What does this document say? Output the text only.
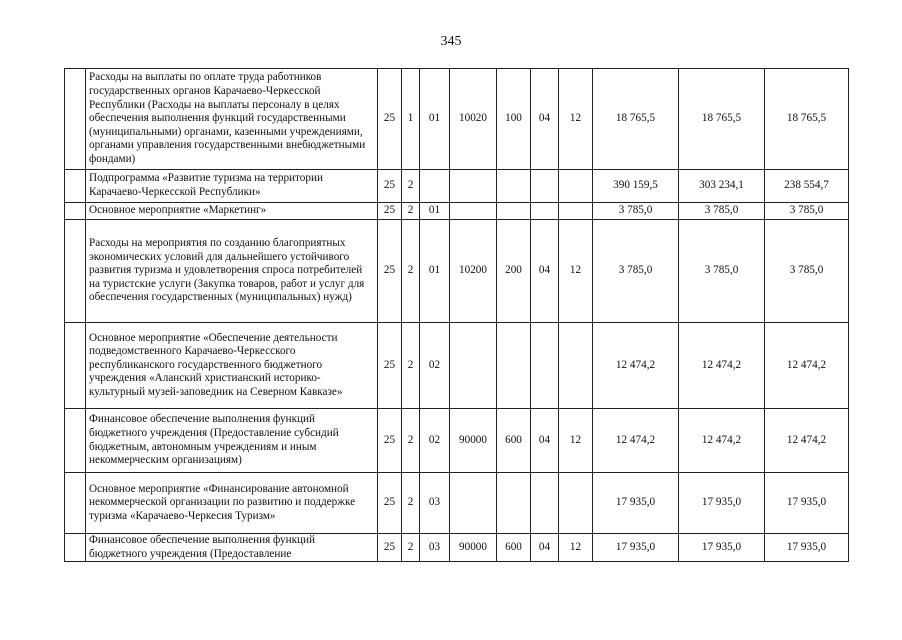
345
	Расходы на выплаты по оплате труда работников государственных органов Карачаево-Черкесской Республики (Расходы на выплаты персоналу в целях обеспечения выполнения функций государственными (муниципальными) органами, казенными учреждениями, органами управления государственными внебюджетными фондами)	25	1	01	10020	100	04	12	18 765,5	18 765,5	18 765,5
	Подпрограмма «Развитие туризма на территории Карачаево-Черкесской Республики»	25	2						390 159,5	303 234,1	238 554,7
	Основное мероприятие «Маркетинг»	25	2	01					3 785,0	3 785,0	3 785,0
	Расходы на мероприятия по созданию благоприятных экономических условий для дальнейшего устойчивого развития туризма и удовлетворения спроса потребителей на туристские услуги (Закупка товаров, работ и услуг для обеспечения государственных (муниципальных) нужд)	25	2	01	10200	200	04	12	3 785,0	3 785,0	3 785,0
	Основное мероприятие «Обеспечение деятельности подведомственного Карачаево-Черкесского республиканского государственного бюджетного учреждения «Аланский христианский историко-культурный музей-заповедник на Северном Кавказе»	25	2	02					12 474,2	12 474,2	12 474,2
	Финансовое обеспечение выполнения функций бюджетного учреждения (Предоставление субсидий бюджетным, автономным учреждениям и иным некоммерческим организациям)	25	2	02	90000	600	04	12	12 474,2	12 474,2	12 474,2
	Основное мероприятие «Финансирование автономной некоммерческой организации по развитию и поддержке туризма «Карачаево-Черкесия Туризм»	25	2	03					17 935,0	17 935,0	17 935,0
	Финансовое обеспечение выполнения функций бюджетного учреждения (Предоставление	25	2	03	90000	600	04	12	17 935,0	17 935,0	17 935,0
